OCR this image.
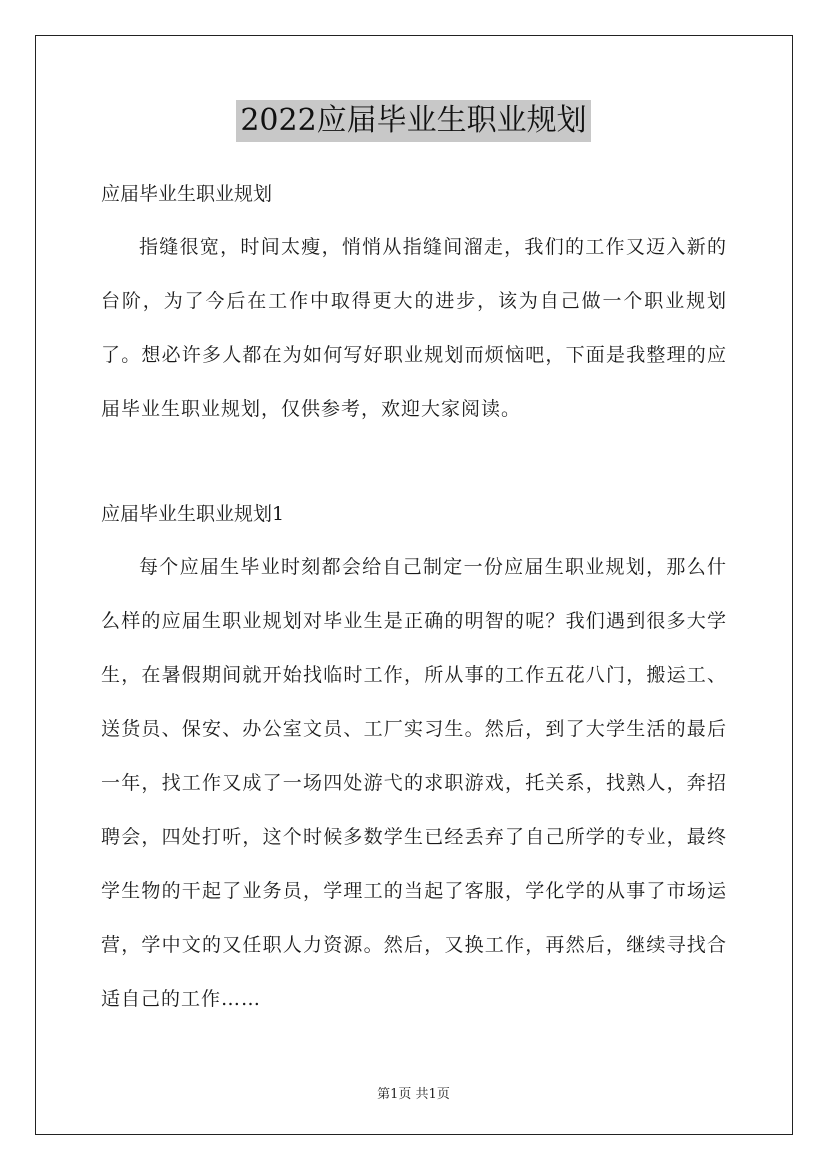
2022应届毕业生职业规划

应届毕业生职业规划

指缝很宽，时间太瘦，悄悄从指缝间溜走，我们的工作又迈入新的台阶，为了今后在工作中取得更大的进步，该为自己做一个职业规划了。想必许多人都在为如何写好职业规划而烦恼吧，下面是我整理的应届毕业生职业规划，仅供参考，欢迎大家阅读。

应届毕业生职业规划1

每个应届生毕业时刻都会给自己制定一份应届生职业规划，那么什么样的应届生职业规划对毕业生是正确的明智的呢？我们遇到很多大学生，在暑假期间就开始找临时工作，所从事的工作五花八门，搬运工、送货员、保安、办公室文员、工厂实习生。然后，到了大学生活的最后一年，找工作又成了一场四处游弋的求职游戏，托关系，找熟人，奔招聘会，四处打听，这个时候多数学生已经丢弃了自己所学的专业，最终学生物的干起了业务员，学理工的当起了客服，学化学的从事了市场运营，学中文的又任职人力资源。然后，又换工作，再然后，继续寻找合适自己的工作……

第1页 共1页
